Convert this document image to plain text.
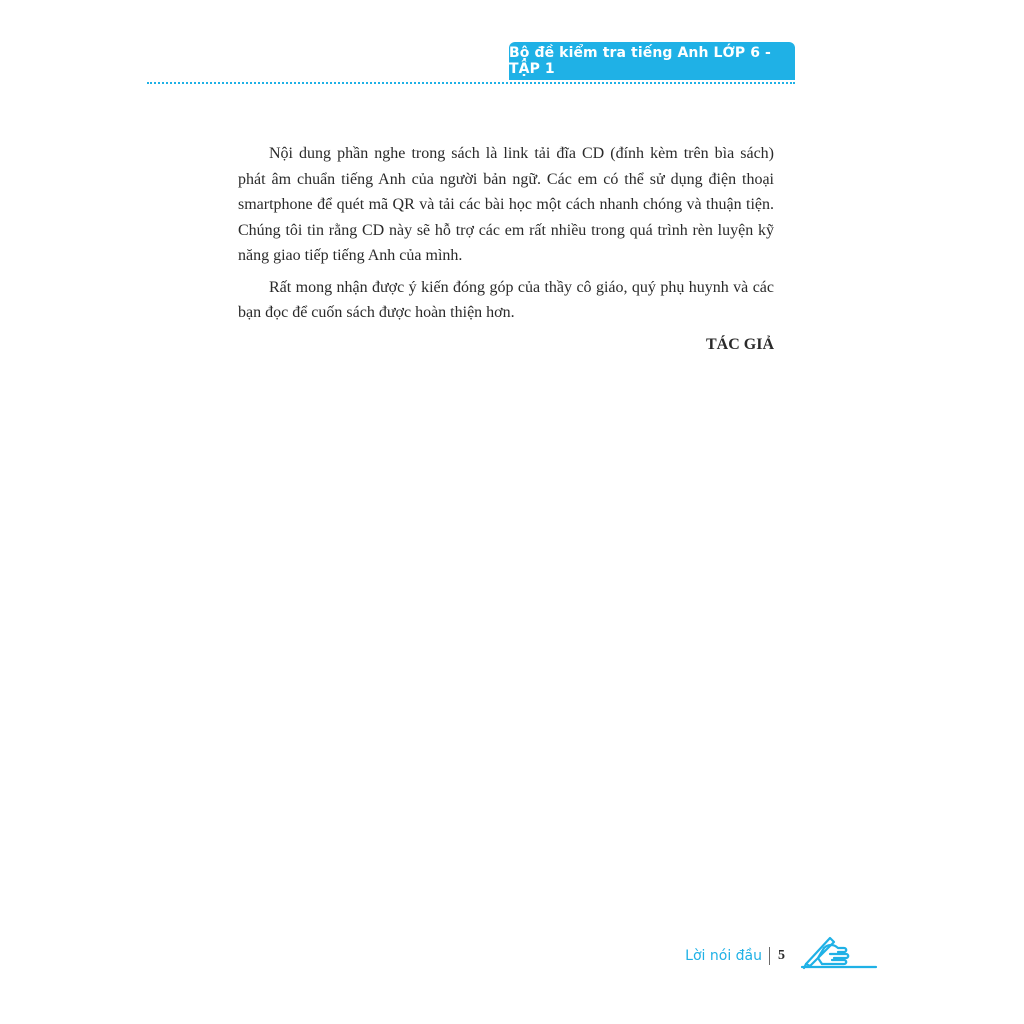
Bộ đề kiểm tra tiếng Anh LỚP 6 - TẬP 1

Nội dung phần nghe trong sách là link tải đĩa CD (đính kèm trên bìa sách) phát âm chuẩn tiếng Anh của người bản ngữ. Các em có thể sử dụng điện thoại smartphone để quét mã QR và tải các bài học một cách nhanh chóng và thuận tiện. Chúng tôi tin rằng CD này sẽ hỗ trợ các em rất nhiều trong quá trình rèn luyện kỹ năng giao tiếp tiếng Anh của mình.

Rất mong nhận được ý kiến đóng góp của thầy cô giáo, quý phụ huynh và các bạn đọc để cuốn sách được hoàn thiện hơn.

TÁC GIẢ
Lời nói đầu 5
